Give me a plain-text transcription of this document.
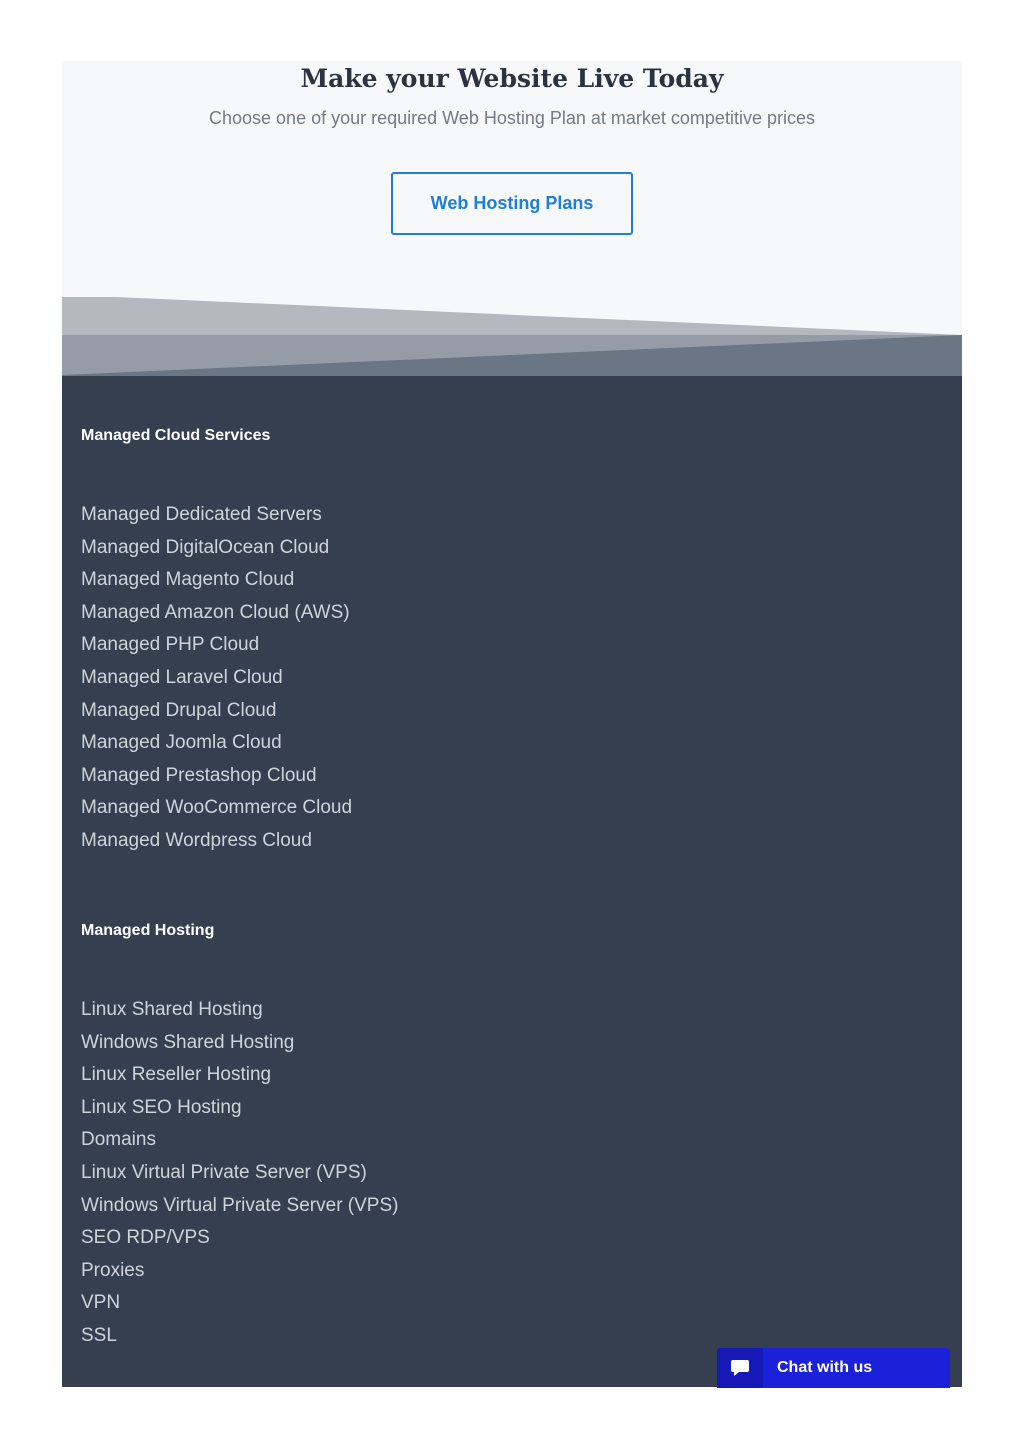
Make your Website Live Today

Choose one of your required Web Hosting Plan at market competitive prices

Web Hosting Plans
Managed Cloud Services
Managed Dedicated Servers
Managed DigitalOcean Cloud
Managed Magento Cloud
Managed Amazon Cloud (AWS)
Managed PHP Cloud
Managed Laravel Cloud
Managed Drupal Cloud
Managed Joomla Cloud
Managed Prestashop Cloud
Managed WooCommerce Cloud
Managed Wordpress Cloud
Managed Hosting
Linux Shared Hosting
Windows Shared Hosting
Linux Reseller Hosting
Linux SEO Hosting
Domains
Linux Virtual Private Server (VPS)
Windows Virtual Private Server (VPS)
SEO RDP/VPS
Proxies
VPN
SSL
Chat with us
